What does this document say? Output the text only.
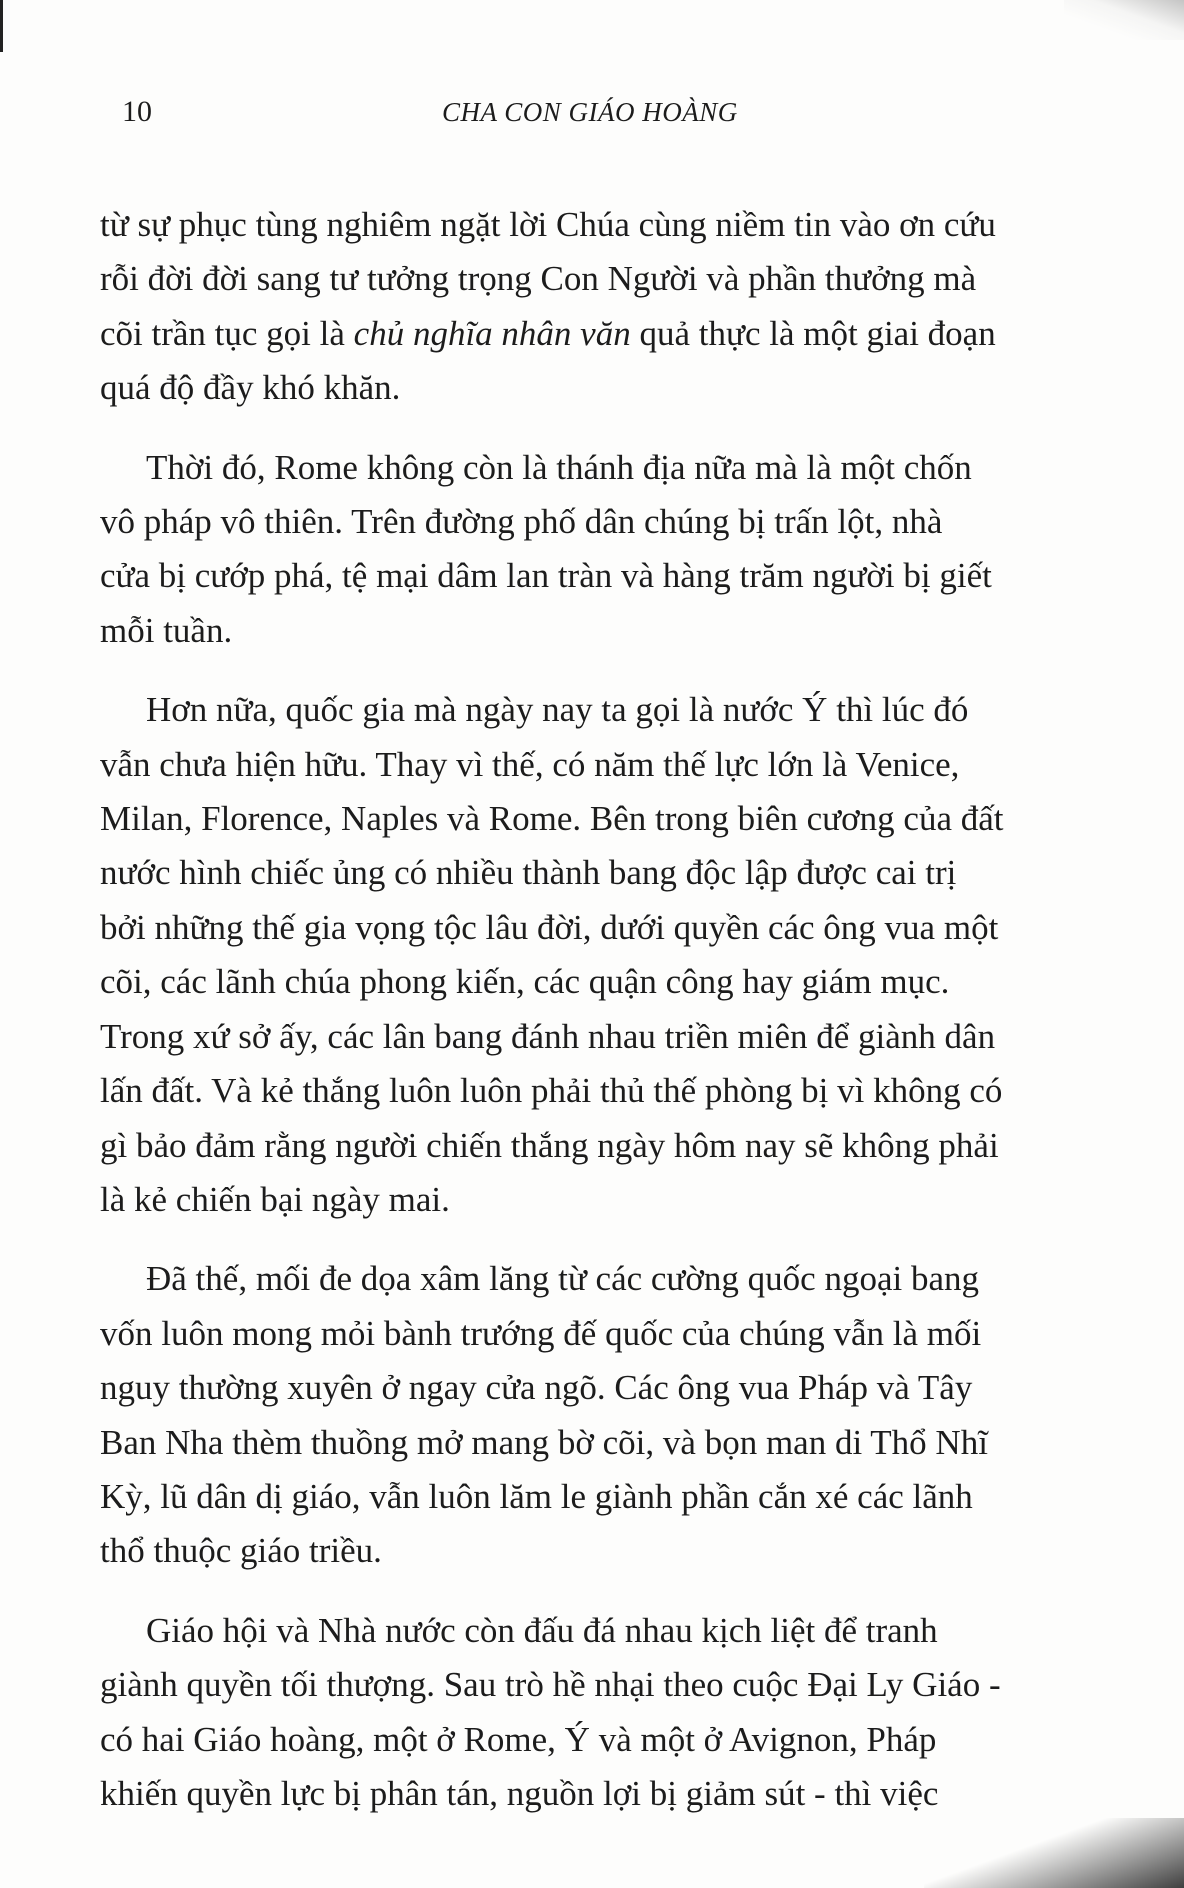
10	CHA CON GIÁO HOÀNG
từ sự phục tùng nghiêm ngặt lời Chúa cùng niềm tin vào ơn cứu
rỗi đời đời sang tư tưởng trọng Con Người và phần thưởng mà
cõi trần tục gọi là chủ nghĩa nhân văn quả thực là một giai đoạn
quá độ đầy khó khăn.
Thời đó, Rome không còn là thánh địa nữa mà là một chốn
vô pháp vô thiên. Trên đường phố dân chúng bị trấn lột, nhà
cửa bị cướp phá, tệ mại dâm lan tràn và hàng trăm người bị giết
mỗi tuần.
Hơn nữa, quốc gia mà ngày nay ta gọi là nước Ý thì lúc đó
vẫn chưa hiện hữu. Thay vì thế, có năm thế lực lớn là Venice,
Milan, Florence, Naples và Rome. Bên trong biên cương của đất
nước hình chiếc ủng có nhiều thành bang độc lập được cai trị
bởi những thế gia vọng tộc lâu đời, dưới quyền các ông vua một
cõi, các lãnh chúa phong kiến, các quận công hay giám mục.
Trong xứ sở ấy, các lân bang đánh nhau triền miên để giành dân
lấn đất. Và kẻ thắng luôn luôn phải thủ thế phòng bị vì không có
gì bảo đảm rằng người chiến thắng ngày hôm nay sẽ không phải
là kẻ chiến bại ngày mai.
Đã thế, mối đe dọa xâm lăng từ các cường quốc ngoại bang
vốn luôn mong mỏi bành trướng đế quốc của chúng vẫn là mối
nguy thường xuyên ở ngay cửa ngõ. Các ông vua Pháp và Tây
Ban Nha thèm thuồng mở mang bờ cõi, và bọn man di Thổ Nhĩ
Kỳ, lũ dân dị giáo, vẫn luôn lăm le giành phần cắn xé các lãnh
thổ thuộc giáo triều.
Giáo hội và Nhà nước còn đấu đá nhau kịch liệt để tranh
giành quyền tối thượng. Sau trò hề nhại theo cuộc Đại Ly Giáo -
có hai Giáo hoàng, một ở Rome, Ý và một ở Avignon, Pháp
khiến quyền lực bị phân tán, nguồn lợi bị giảm sút - thì việc
